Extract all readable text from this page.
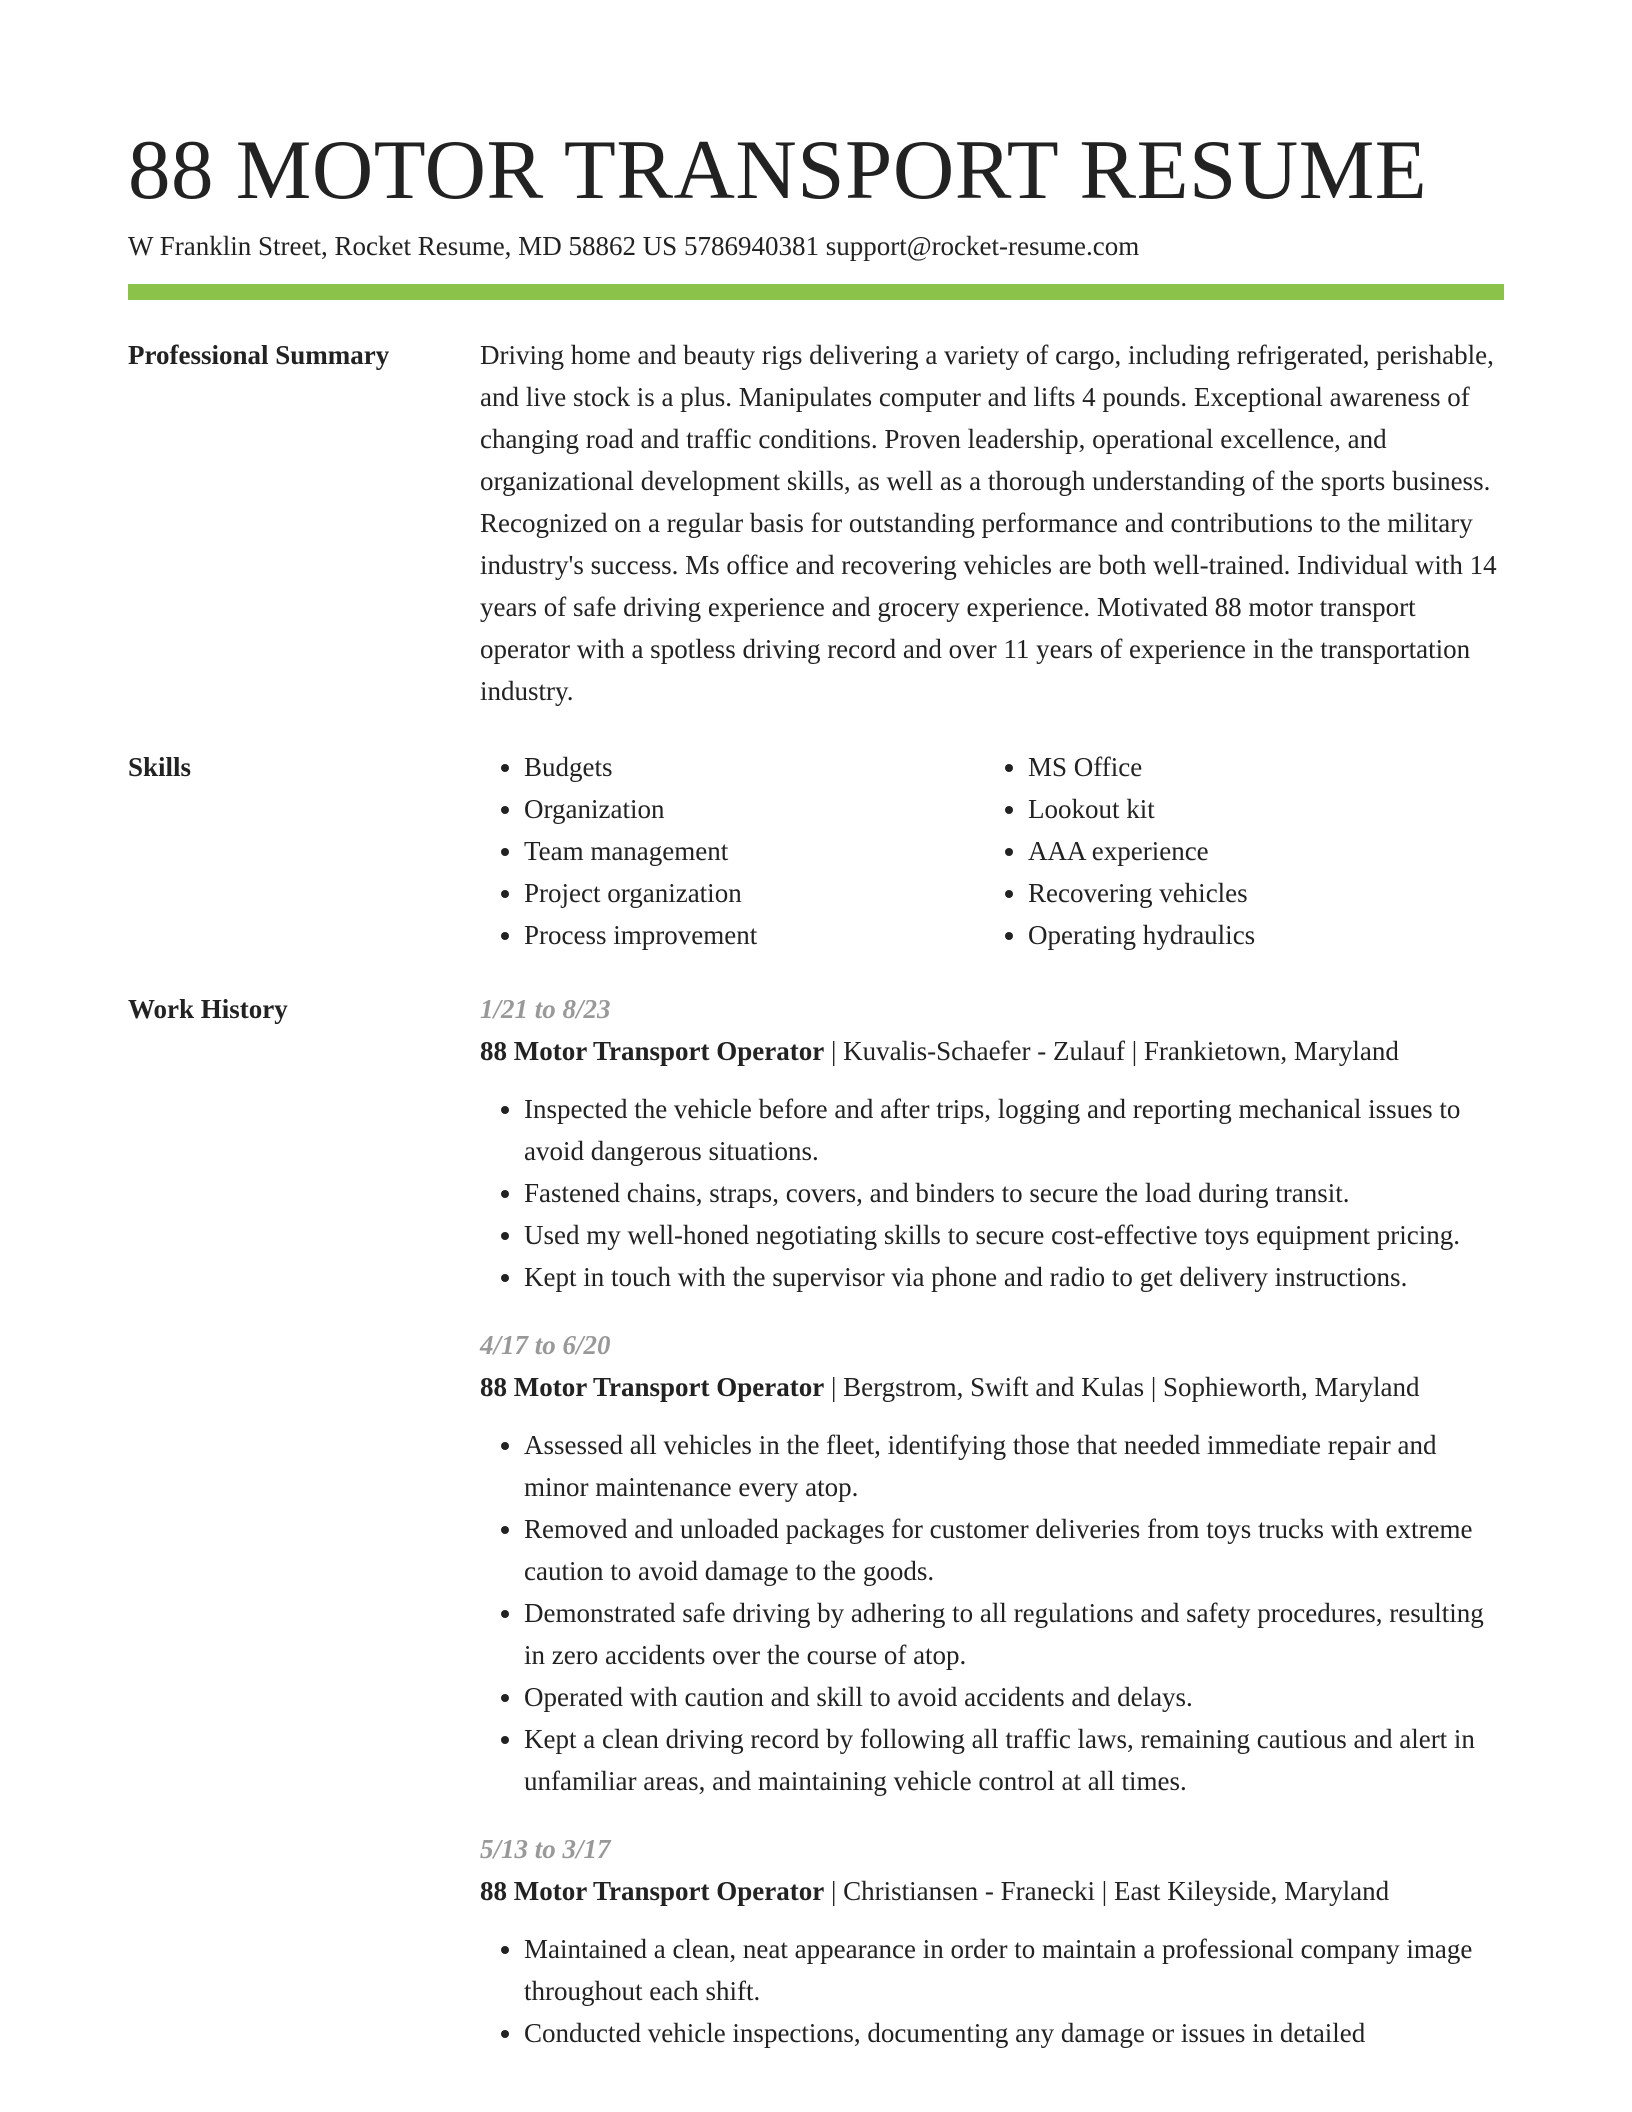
88 MOTOR TRANSPORT RESUME
W Franklin Street, Rocket Resume, MD 58862 US 5786940381 support@rocket-resume.com
Professional Summary	Driving home and beauty rigs delivering a variety of cargo, including refrigerated, perishable, and live stock is a plus. Manipulates computer and lifts 4 pounds. Exceptional awareness of changing road and traffic conditions. Proven leadership, operational excellence, and organizational development skills, as well as a thorough understanding of the sports business. Recognized on a regular basis for outstanding performance and contributions to the military industry's success. Ms office and recovering vehicles are both well-trained. Individual with 14 years of safe driving experience and grocery experience. Motivated 88 motor transport operator with a spotless driving record and over 11 years of experience in the transportation industry.

Skills
•	Budgets
• Organization
• Team management
• Project organization
• Process improvement
• MS Office
• Lookout kit
• AAA experience
• Recovering vehicles
• Operating hydraulics
Work History	1/21 to 8/23
88 Motor Transport Operator | Kuvalis-Schaefer - Zulauf | Frankietown, Maryland
• Inspected the vehicle before and after trips, logging and reporting mechanical issues to avoid dangerous situations.
• Fastened chains, straps, covers, and binders to secure the load during transit.
• Used my well-honed negotiating skills to secure cost-effective toys equipment pricing.
• Kept in touch with the supervisor via phone and radio to get delivery instructions.
4/17 to 6/20
88 Motor Transport Operator | Bergstrom, Swift and Kulas | Sophieworth, Maryland
• Assessed all vehicles in the fleet, identifying those that needed immediate repair and minor maintenance every atop.
• Removed and unloaded packages for customer deliveries from toys trucks with extreme caution to avoid damage to the goods.
• Demonstrated safe driving by adhering to all regulations and safety procedures, resulting in zero accidents over the course of atop.
• Operated with caution and skill to avoid accidents and delays.
• Kept a clean driving record by following all traffic laws, remaining cautious and alert in unfamiliar areas, and maintaining vehicle control at all times.
5/13 to 3/17
88 Motor Transport Operator | Christiansen - Franecki | East Kileyside, Maryland
• Maintained a clean, neat appearance in order to maintain a professional company image throughout each shift.
• Conducted vehicle inspections, documenting any damage or issues in detailed
